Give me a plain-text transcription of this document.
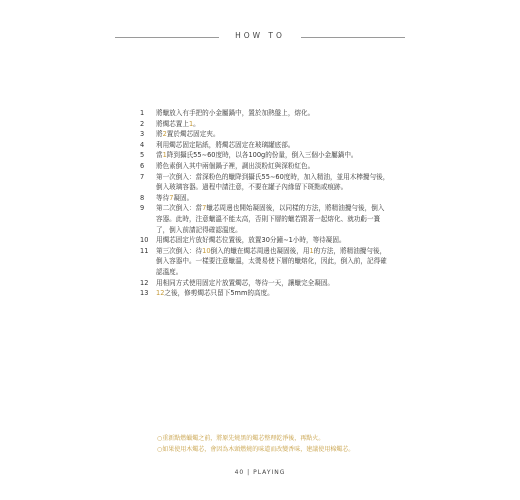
HOW TO
1	將蠟放入有手把的小金屬鍋中，置於加熱盤上，熔化。
2	將燭芯置上1。
3	將2置於燭芯固定夾。
4	利用燭芯固定貼紙，將燭芯固定在玻璃罐底部。
5	當1降到攝氏55∼60度時，以各100g的份量，倒入三個小金屬鍋中。
6	將色素倒入其中兩個鍋子裡，調出淡粉紅與深粉紅色。
7	第一次倒入：當深粉色的蠟降到攝氏55∼60度時，加入精油，並用木棒攪勻後，倒入玻璃容器。過程中請注意，不要在罐子內緣留下斑點或痕跡。
8	等待7凝固。
9	第二次倒入：當7蠟芯周邊也開始凝固後，以同樣的方法，將精油攪勻後，倒入容器。此時，注意蠟溫不能太高，否則下層的蠟若跟著一起熔化、就功虧一簣了，倒入前請記得確認溫度。
10	用燭芯固定片放好燭芯位置後，放置30分鐘∼1小時，等待凝固。
11	第三次倒入：待10倒入的蠟在燭芯周邊也凝固後，用1的方法，將精油攪勻後，倒入容器中。一樣要注意蠟溫，太燙易使下層的蠟熔化，因此，倒入前，記得確認溫度。
12	用相同方式使用固定片放置燭芯，等待一天，讓蠟完全凝固。
13	12之後，修剪燭芯只留下5mm的高度。
○重新點燃蠟燭之前，將原先燒黑的燭芯整理乾淨後，再點火。
○如果使用木燭芯，會因為木頭燃燒的味道而改變香味，建議使用棉燭芯。
40 | PLAYING
